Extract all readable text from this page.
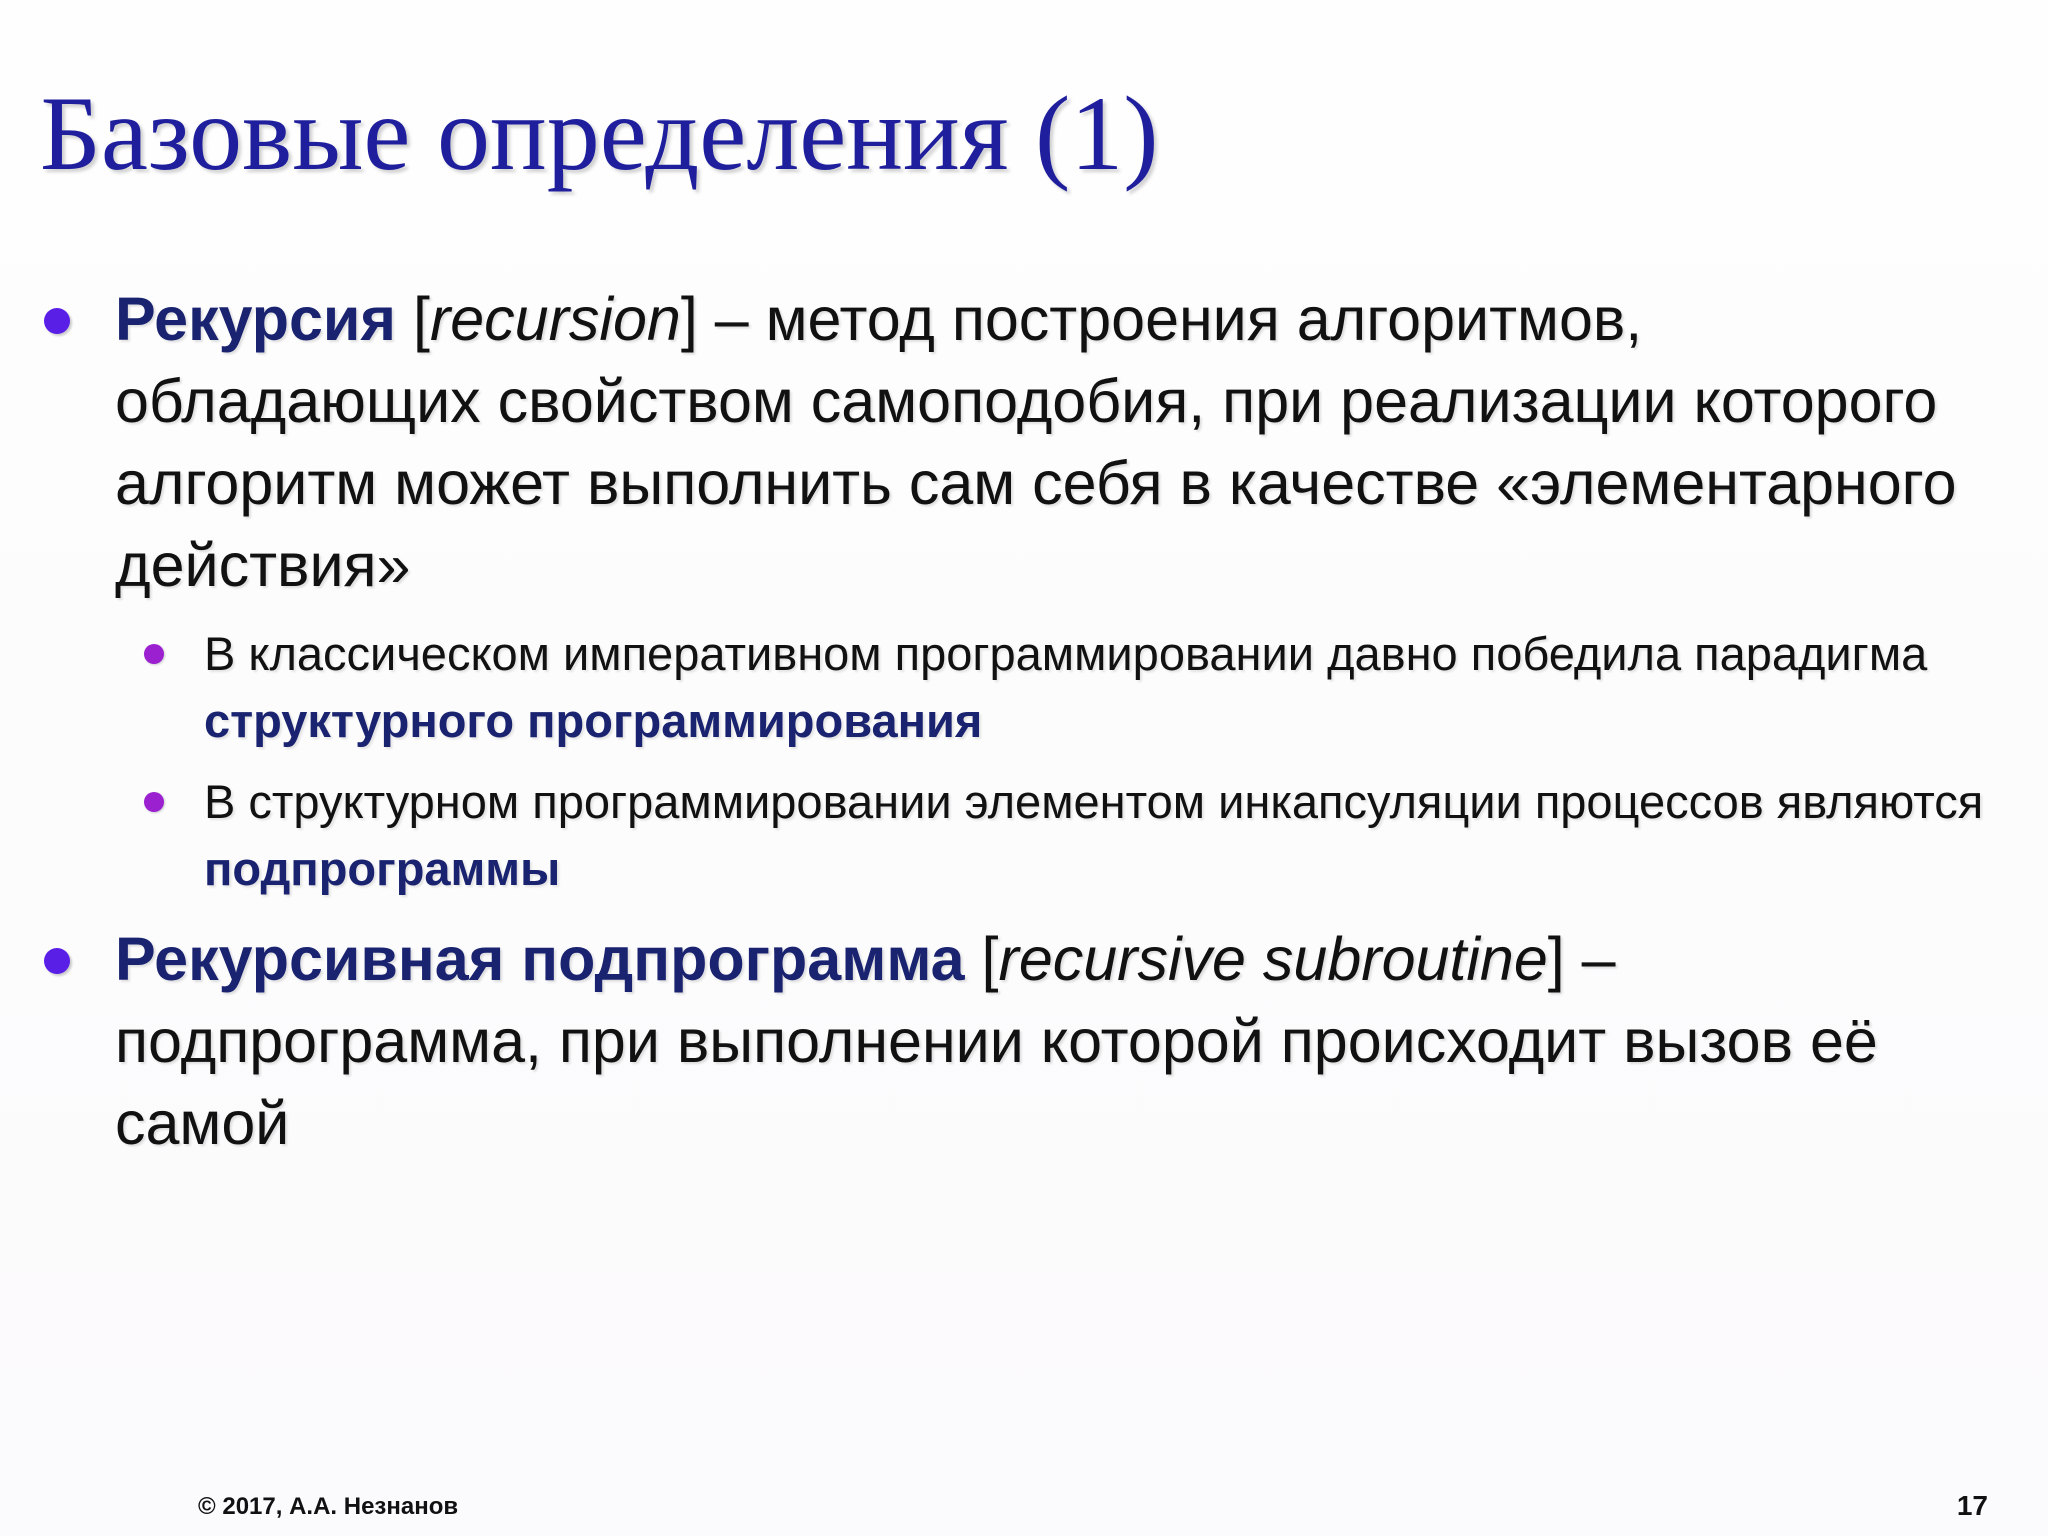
Базовые определения (1)
Рекурсия [recursion] – метод построения алгоритмов, обладающих свойством самоподобия, при реализации которого алгоритм может выполнить сам себя в качестве «элементарного действия»
В классическом императивном программировании давно победила парадигма структурного программирования
В структурном программировании элементом инкапсуляции процессов являются подпрограммы
Рекурсивная подпрограмма [recursive subroutine] – подпрограмма, при выполнении которой происходит вызов её самой
© 2017, А.А. Незнанов	17
